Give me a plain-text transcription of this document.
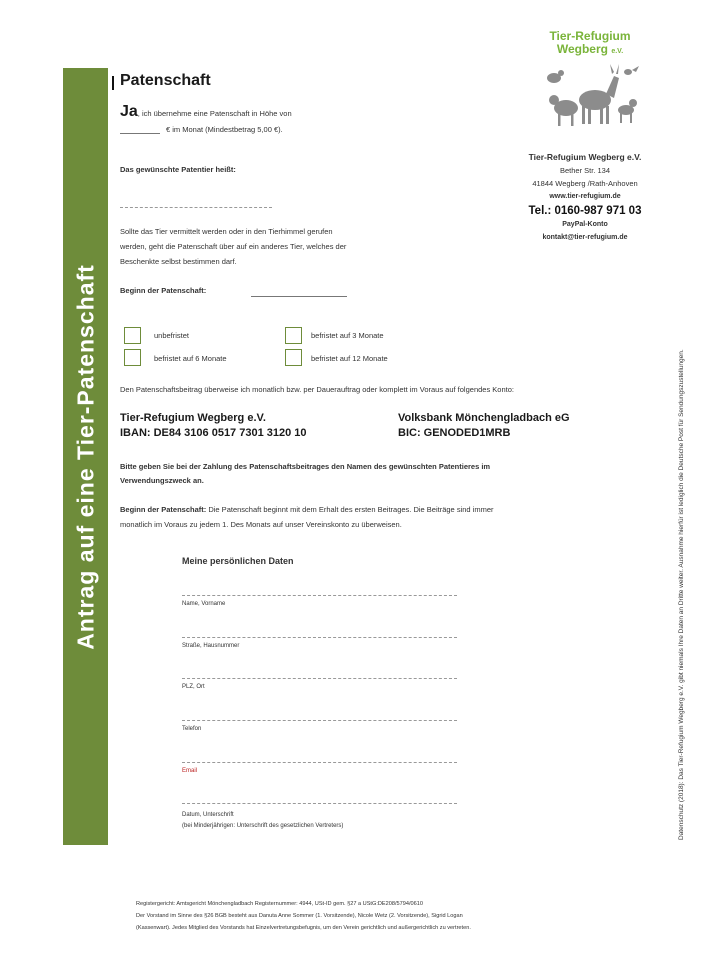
Antrag auf eine Tier-Patenschaft
Tier-Refugium
Wegberg e.V.
Tier-Refugium Wegberg e.V.
Bether Str. 134
41844 Wegberg /Rath-Anhoven
www.tier-refugium.de
Tel.: 0160-987 971 03
PayPal-Konto
kontakt@tier-refugium.de
Datenschutz (2018): Das Tier-Refugium Wegberg e.V. gibt niemals Ihre Daten an Dritte weiter. Ausnahme hierfür ist lediglich die Deutsche Post für Sendungszustellungen.
Patenschaft
Ja, ich übernehme eine Patenschaft in Höhe von
€ im Monat (Mindestbetrag 5,00 €).
Das gewünschte Patentier heißt:
Sollte das Tier vermittelt werden oder in den Tierhimmel gerufen
werden, geht die Patenschaft über auf ein anderes Tier, welches der
Beschenkte selbst bestimmen darf.
Beginn der Patenschaft:
unbefristet	befristet auf 3 Monate
befristet auf 6 Monate	befristet auf 12 Monate
Den Patenschaftsbeitrag überweise ich monatlich bzw. per Dauerauftrag oder komplett im Voraus auf folgendes Konto:
Tier-Refugium Wegberg e.V.
IBAN: DE84 3106 0517 7301 3120 10
Volksbank Mönchengladbach eG
BIC: GENODED1MRB
Bitte geben Sie bei der Zahlung des Patenschaftsbeitrages den Namen des gewünschten Patentieres im
Verwendungszweck an.
Beginn der Patenschaft: Die Patenschaft beginnt mit dem Erhalt des ersten Beitrages. Die Beiträge sind immer
monatlich im Voraus zu jedem 1. Des Monats auf unser Vereinskonto zu überweisen.
Meine persönlichen Daten
Name, Vorname
Straße, Hausnummer
PLZ, Ort
Telefon
Email
Datum, Unterschrift
(bei Minderjährigen: Unterschrift des gesetzlichen Vertreters)
Registergericht: Amtsgericht Mönchengladbach Registernummer: 4944, USt-ID gem. §27 a UStG:DE208/5794/0610
Der Vorstand im Sinne des §26 BGB besteht aus Danuta Anne Sommer (1. Vorsitzende), Nicole Wetz (2. Vorsitzende), Sigrid Logan
(Kassenwart). Jedes Mitglied des Vorstands hat Einzelvertretungsbefugnis, um den Verein gerichtlich und außergerichtlich zu vertreten.
